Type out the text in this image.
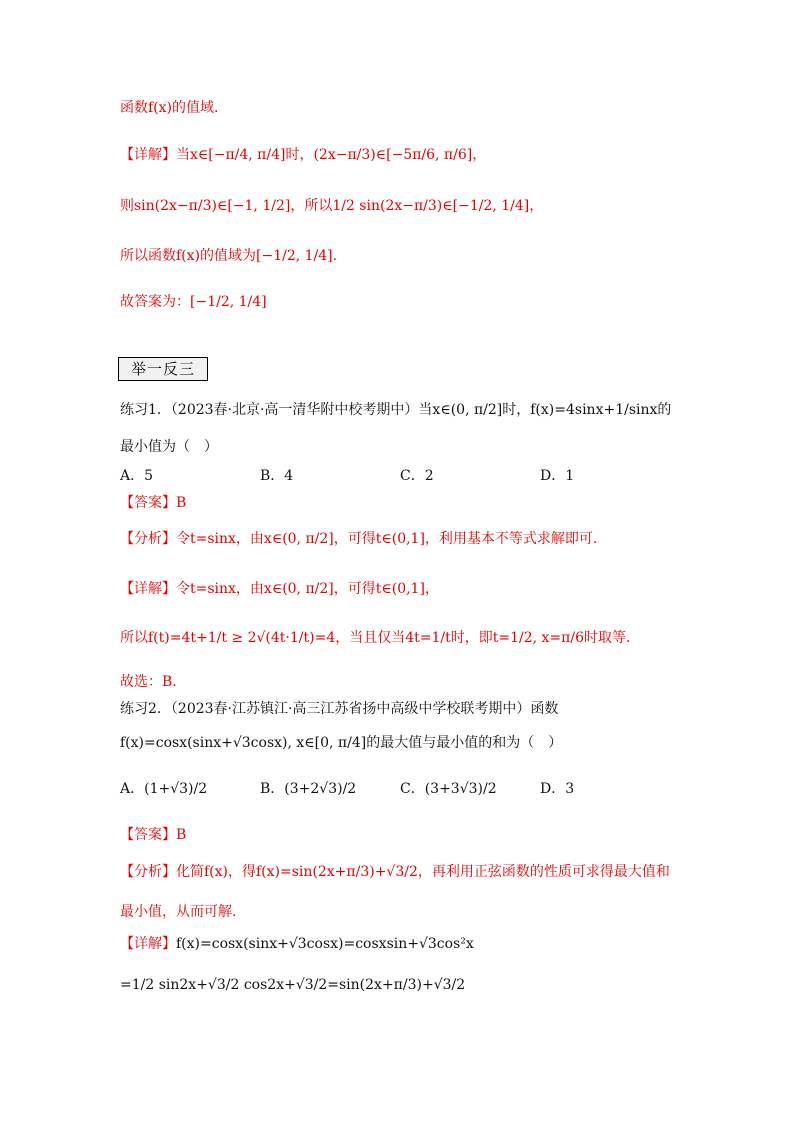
函数f(x)的值域.
【详解】当x∈[−π/4, π/4]时，(2x−π/3)∈[−5π/6, π/6]，
则sin(2x−π/3)∈[−1, 1/2]，所以1/2 sin(2x−π/3)∈[−1/2, 1/4]，
所以函数f(x)的值域为[−1/2, 1/4].
故答案为：[−1/2, 1/4]
举一反三
练习1．（2023春·北京·高一清华附中校考期中）当x∈(0, π/2]时，f(x)=4sinx+1/sinx的
最小值为（　）
A．5	B．4	C．2	D．1
【答案】B
【分析】令t=sinx，由x∈(0, π/2]，可得t∈(0,1]，利用基本不等式求解即可.
【详解】令t=sinx，由x∈(0, π/2]，可得t∈(0,1]，
所以f(t)=4t+1/t ≥ 2√(4t·1/t)=4，当且仅当4t=1/t时，即t=1/2, x=π/6时取等.
故选：B.
练习2．（2023春·江苏镇江·高三江苏省扬中高级中学校联考期中）函数
f(x)=cosx(sinx+√3cosx), x∈[0, π/4]的最大值与最小值的和为（　）
A．(1+√3)/2	B．(3+2√3)/2	C．(3+3√3)/2	D．3
【答案】B
【分析】化简f(x)，得f(x)=sin(2x+π/3)+√3/2，再利用正弦函数的性质可求得最大值和
最小值，从而可解.
【详解】f(x)=cosx(sinx+√3cosx)=cosxsin+√3cos²x
=1/2 sin2x+√3/2 cos2x+√3/2=sin(2x+π/3)+√3/2
